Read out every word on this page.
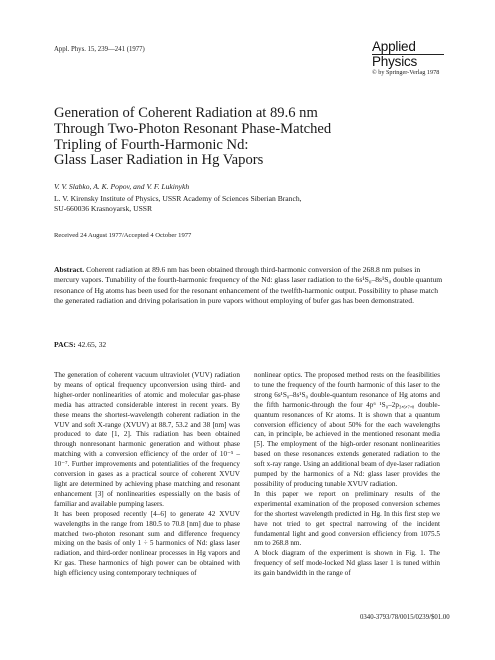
Appl. Phys. 15, 239—241 (1977)	Applied
Physics
© by Springer-Verlag 1978
Generation of Coherent Radiation at 89.6 nm
Through Two-Photon Resonant Phase-Matched
Tripling of Fourth-Harmonic Nd:
Glass Laser Radiation in Hg Vapors
V. V. Slabko, A. K. Popov, and V. F. Lukinykh
L. V. Kirensky Institute of Physics, USSR Academy of Sciences Siberian Branch,
SU-660036 Krasnoyarsk, USSR
Received 24 August 1977/Accepted 4 October 1977
Abstract. Coherent radiation at 89.6 nm has been obtained through third-harmonic conversion of the 268.8 nm pulses in mercury vapors. Tunability of the fourth-harmonic frequency of the Nd: glass laser radiation to the 6s¹S₀–8s¹S₀ double quantum resonance of Hg atoms has been used for the resonant enhancement of the twelfth-harmonic output. Possibility to phase match the generated radiation and driving polarisation in pure vapors without employing of bufer gas has been demonstrated.
PACS: 42.65, 32

The generation of coherent vacuum ultraviolet (VUV) radiation by means of optical frequency upconversion using third- and higher-order nonlinearities of atomic and molecular gas-phase media has attracted considerable interest in recent years. By these means the shortest-wavelength coherent radiation in the VUV and soft X-range (XVUV) at 88.7, 53.2 and 38 [nm] was produced to date [1, 2]. This radiation has been obtained through nonresonant harmonic generation and without phase matching with a conversion efficiency of the order of 10⁻⁵ – 10⁻⁷. Further improvements and potentialities of the frequency conversion in gases as a practical source of coherent XVUV light are determined by achieving phase matching and resonant enhancement [3] of nonlinearities espessially on the basis of familiar and available pumping lasers.

It has been proposed recently [4–6] to generate 42 XVUV wavelengths in the range from 180.5 to 70.8 [nm] due to phase matched two-photon resonant sum and difference frequency mixing on the basis of only 1 ÷ 5 harmonics of Nd: glass laser radiation, and third-order nonlinear processes in Hg vapors and Kr gas. These harmonics of high power can be obtained with high efficiency using contemporary techniques of

nonlinear optics. The proposed method rests on the feasibilities to tune the frequency of the fourth harmonic of this laser to the strong 6s¹S₀–8s¹S₀ double-quantum resonance of Hg atoms and the fifth harmonic-through the four 4p⁶ ¹S₀–2p₃,₆,₇,₈ double-quantum resonances of Kr atoms. It is shown that a quantum conversion efficiency of about 50% for the each wavelengths can, in principle, be achieved in the mentioned resonant media [5]. The employment of the high-order resonant nonlinearities based on these resonances extends generated radiation to the soft x-ray range. Using an additional beam of dye-laser radiation pumped by the harmonics of a Nd: glass laser provides the possibility of producing tunable XVUV radiation.

In this paper we report on preliminary results of the experimental examination of the proposed conversion schemes for the shortest wavelength predicted in Hg. In this first step we have not tried to get spectral narrowing of the incident fundamental light and good conversion efficiency from 1075.5 nm to 268.8 nm.

A block diagram of the experiment is shown in Fig. 1. The frequency of self mode-locked Nd glass laser 1 is tuned within its gain bandwidth in the range of

0340-3793/78/0015/0239/$01.00
